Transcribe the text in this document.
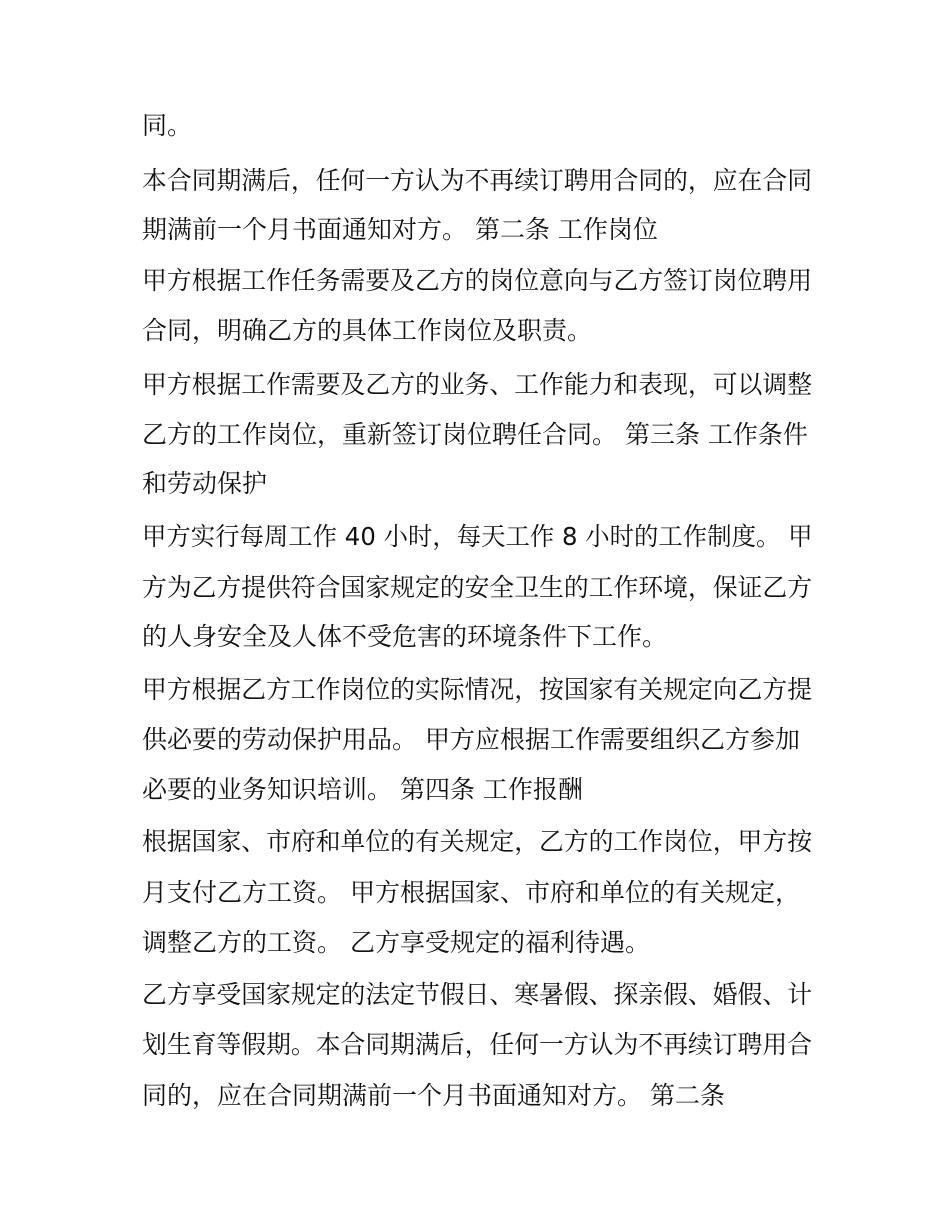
同。

本合同期满后，任何一方认为不再续订聘用合同的，应在合同

期满前一个月书面通知对方。 第二条 工作岗位

甲方根据工作任务需要及乙方的岗位意向与乙方签订岗位聘用

合同，明确乙方的具体工作岗位及职责。

甲方根据工作需要及乙方的业务、工作能力和表现，可以调整

乙方的工作岗位，重新签订岗位聘任合同。 第三条 工作条件

和劳动保护

甲方实行每周工作 40 小时，每天工作 8 小时的工作制度。 甲

方为乙方提供符合国家规定的安全卫生的工作环境，保证乙方

的人身安全及人体不受危害的环境条件下工作。

甲方根据乙方工作岗位的实际情况，按国家有关规定向乙方提

供必要的劳动保护用品。 甲方应根据工作需要组织乙方参加

必要的业务知识培训。 第四条 工作报酬

根据国家、市府和单位的有关规定，乙方的工作岗位，甲方按

月支付乙方工资。 甲方根据国家、市府和单位的有关规定，

调整乙方的工资。 乙方享受规定的福利待遇。

乙方享受国家规定的法定节假日、寒暑假、探亲假、婚假、计

划生育等假期。本合同期满后，任何一方认为不再续订聘用合

同的，应在合同期满前一个月书面通知对方。 第二条
